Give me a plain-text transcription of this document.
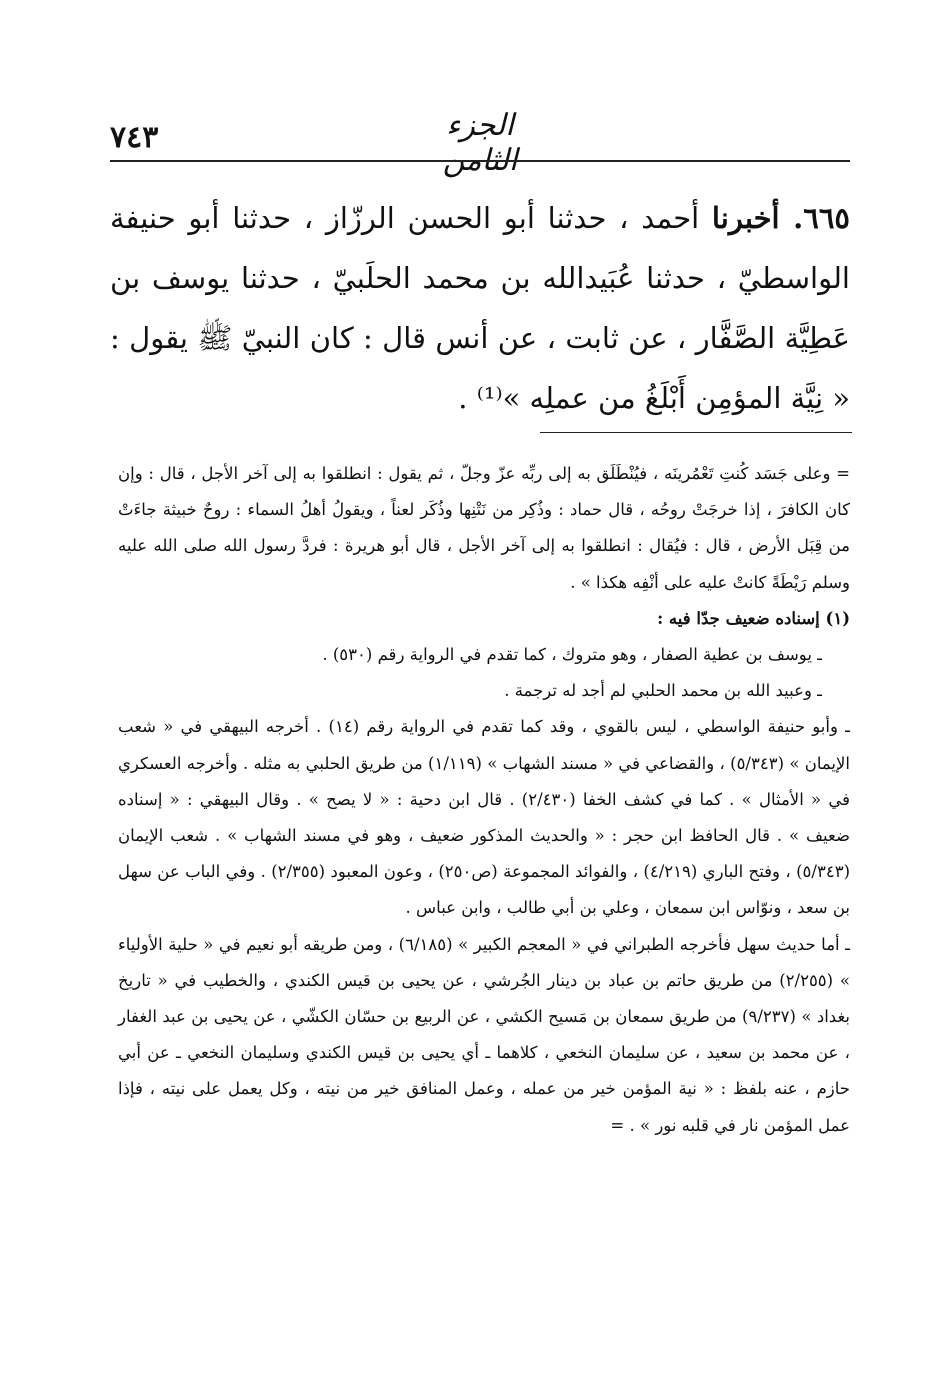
٧٤٣	الجزء الثامن
٦٦٥. أخبرنا أحمد ، حدثنا أبو الحسن الرزّاز ، حدثنا أبو حنيفة الواسطيّ ، حدثنا عُبَيدالله بن محمد الحلَبيّ ، حدثنا يوسف بن عَطِيَّة الصَّفَّار ، عن ثابت ، عن أنس قال : كان النبيّ ﷺ يقول : « نِيَّة المؤمِن أَبْلَغُ من عملِه »⁽¹⁾ .

= وعلى جَسَد كُنتِ تَعْمُرينَه ، فيُنْطَلَق به إلى ربِّه عزّ وجلّ ، ثم يقول : انطلقوا به إلى آخر الأجل ، قال : وإن كان الكافرَ ، إذا خرجَتْ روحُه ، قال حماد : وذُكِر من نَتْنِها وذُكَر لعناً ، ويقولُ أهلُ السماء : روحٌ خبيثة جاءَتْ من قِبَل الأرض ، قال : فيُقال : انطلقوا به إلى آخر الأجل ، قال أبو هريرة : فردَّ رسول الله صلى الله عليه وسلم رَيْطَةً كانتْ عليه على أنْفِه هكذا » .

(١) إسناده ضعيف جدّا فيه :

ـ يوسف بن عطية الصفار ، وهو متروك ، كما تقدم في الرواية رقم (٥٣٠) .

ـ وعبيد الله بن محمد الحلبي لم أجد له ترجمة .

ـ وأبو حنيفة الواسطي ، ليس بالقوي ، وقد كما تقدم في الرواية رقم (١٤) . أخرجه البيهقي في « شعب الإيمان » (٥/٣٤٣) ، والقضاعي في « مسند الشهاب » (١/١١٩) من طريق الحلبي به مثله . وأخرجه العسكري في « الأمثال » . كما في كشف الخفا (٢/٤٣٠) . قال ابن دحية : « لا يصح » . وقال البيهقي : « إسناده ضعيف » . قال الحافظ ابن حجر : « والحديث المذكور ضعيف ، وهو في مسند الشهاب » . شعب الإيمان (٥/٣٤٣) ، وفتح الباري (٤/٢١٩) ، والفوائد المجموعة (ص٢٥٠) ، وعون المعبود (٢/٣٥٥) . وفي الباب عن سهل بن سعد ، ونوّاس ابن سمعان ، وعلي بن أبي طالب ، وابن عباس .

ـ أما حديث سهل فأخرجه الطبراني في « المعجم الكبير » (٦/١٨٥) ، ومن طريقه أبو نعيم في « حلية الأولياء » (٢/٢٥٥) من طريق حاتم بن عباد بن دينار الجُرشي ، عن يحيى بن قيس الكندي ، والخطيب في « تاريخ بغداد » (٩/٢٣٧) من طريق سمعان بن مَسيح الكشي ، عن الربيع بن حسّان الكشّي ، عن يحيى بن عبد الغفار ، عن محمد بن سعيد ، عن سليمان النخعي ، كلاهما ـ أي يحيى بن قيس الكندي وسليمان النخعي ـ عن أبي حازم ، عنه بلفظ : « نية المؤمن خير من عمله ، وعمل المنافق خير من نيته ، وكل يعمل على نيته ، فإذا عمل المؤمن نار في قلبه نور » . =
